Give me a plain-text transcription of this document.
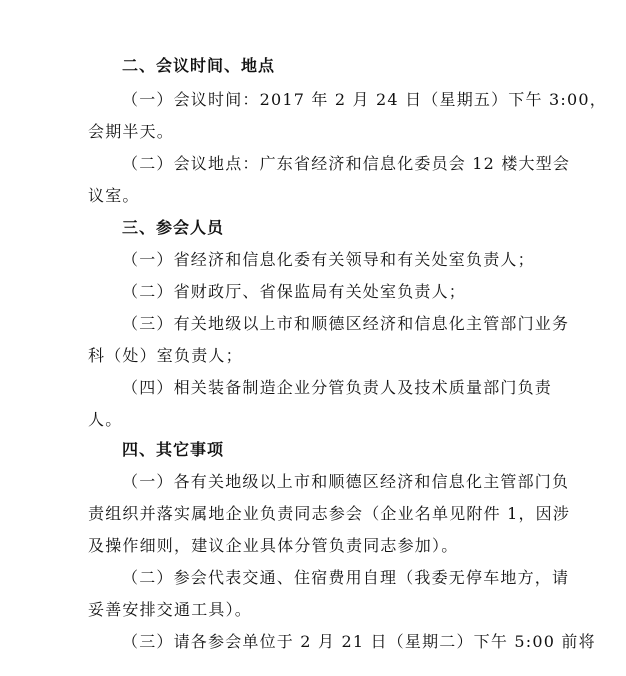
二、会议时间、地点
（一）会议时间：2017 年 2 月 24 日（星期五）下午 3:00，
会期半天。
（二）会议地点：广东省经济和信息化委员会 12 楼大型会
议室。
三、参会人员
（一）省经济和信息化委有关领导和有关处室负责人；
（二）省财政厅、省保监局有关处室负责人；
（三）有关地级以上市和顺德区经济和信息化主管部门业务
科（处）室负责人；
（四）相关装备制造企业分管负责人及技术质量部门负责
人。
四、其它事项
（一）各有关地级以上市和顺德区经济和信息化主管部门负
责组织并落实属地企业负责同志参会（企业名单见附件 1，因涉
及操作细则，建议企业具体分管负责同志参加）。
（二）参会代表交通、住宿费用自理（我委无停车地方，请
妥善安排交通工具）。
（三）请各参会单位于 2 月 21 日（星期二）下午 5:00 前将
